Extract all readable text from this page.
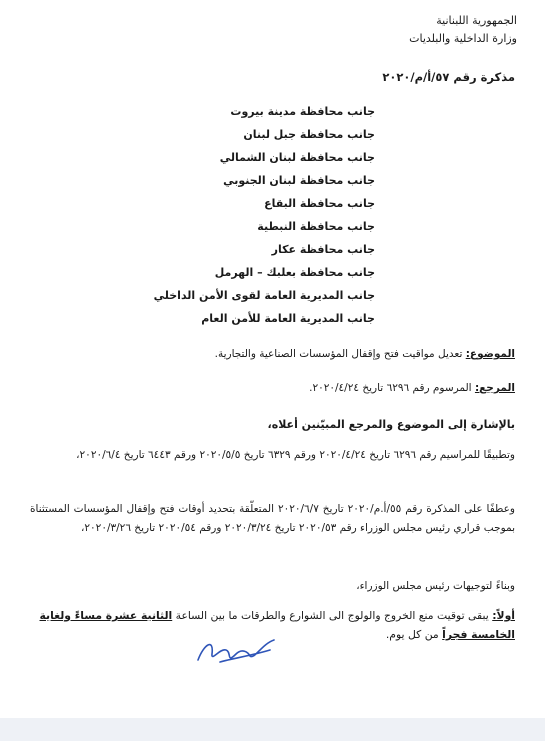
الجمهورية اللبنانية
وزارة الداخلية والبلديات
مذكرة رقم ٥٧/أ/م/٢٠٢٠
جانب محافظة مدينة بيروت
جانب محافظة جبل لبنان
جانب محافظة لبنان الشمالي
جانب محافظة لبنان الجنوبي
جانب محافظة البقاع
جانب محافظة النبطية
جانب محافظة عكار
جانب محافظة بعلبك – الهرمل
جانب المديرية العامة لقوى الأمن الداخلي
جانب المديرية العامة للأمن العام
الموضوع: تعديل مواقيت فتح وإقفال المؤسسات الصناعية والتجارية.
المرجع: المرسوم رقم ٦٢٩٦ تاريخ ٢٠٢٠/٤/٢٤.
بالإشارة إلى الموضوع والمرجع المبيّنين أعلاه،
وتطبيقًا للمراسيم رقم ٦٢٩٦ تاريخ ٢٠٢٠/٤/٢٤ ورقم ٦٣٢٩ تاريخ ٢٠٢٠/٥/٥ ورقم ٦٤٤٣ تاريخ ٢٠٢٠/٦/٤،
وعطفًا على المذكرة رقم ٥٥/أ.م/٢٠٢٠ تاريخ ٢٠٢٠/٦/٧ المتعلّقة بتحديد أوقات فتح وإقفال المؤسسات المستثناة بموجب قراري رئيس مجلس الوزراء رقم ٢٠٢٠/٥٣ تاريخ ٢٠٢٠/٣/٢٤ ورقم ٢٠٢٠/٥٤ تاريخ ٢٠٢٠/٣/٢٦،
وبناءً لتوجيهات رئيس مجلس الوزراء،
أولاً: يبقى توقيت منع الخروج والولوج الى الشوارع والطرقات ما بين الساعة الثانية عشرة مساءً ولغاية
الخامسة فجراً من كل يوم.
